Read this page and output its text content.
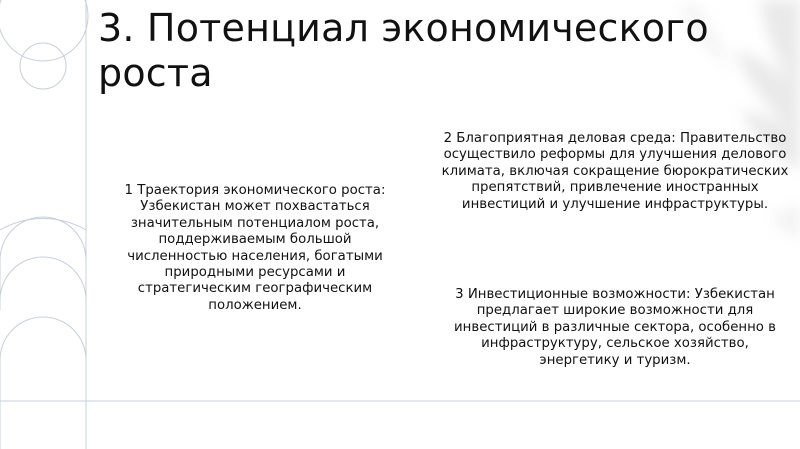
3. Потенциал экономического
роста
1 Траектория экономического роста: Узбекистан может похвастаться значительным потенциалом роста, поддерживаемым большой численностью населения, богатыми природными ресурсами и стратегическим географическим положением.
2 Благоприятная деловая среда: Правительство осуществило реформы для улучшения делового климата, включая сокращение бюрократических препятствий, привлечение иностранных инвестиций и улучшение инфраструктуры.
3 Инвестиционные возможности: Узбекистан предлагает широкие возможности для инвестиций в различные сектора, особенно в инфраструктуру, сельское хозяйство, энергетику и туризм.
